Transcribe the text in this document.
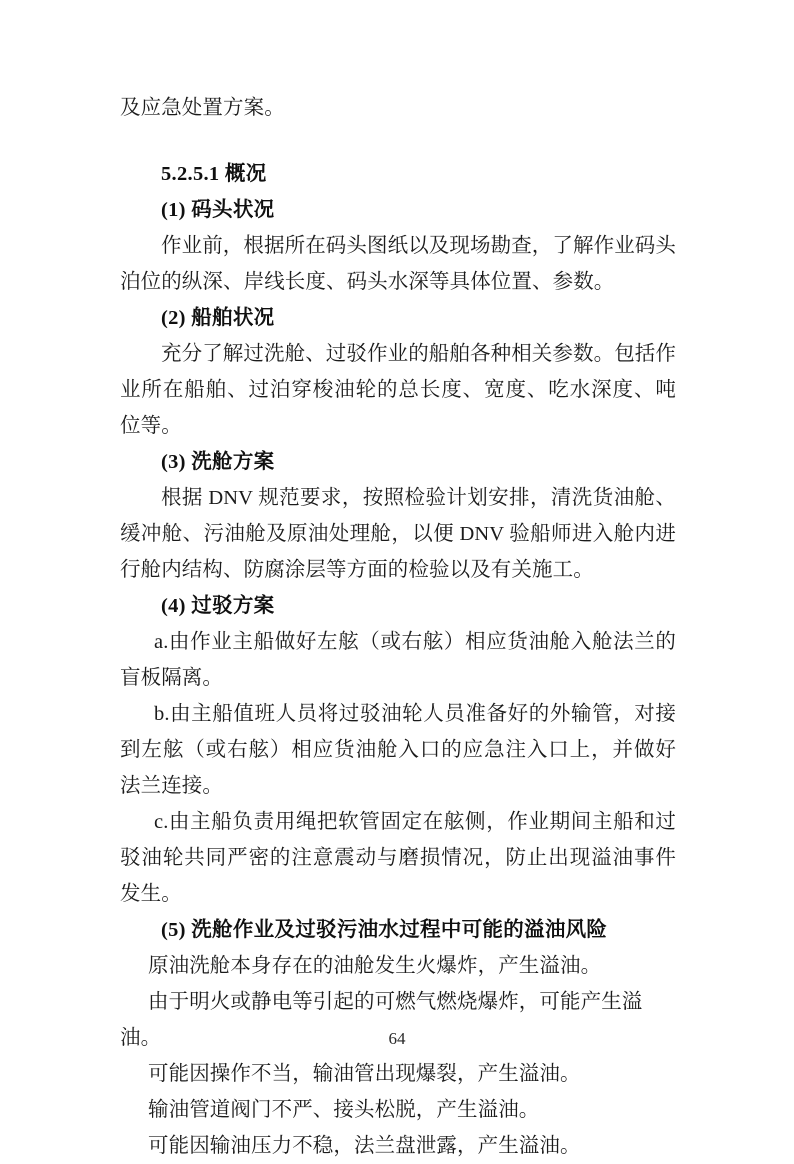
及应急处置方案。

5.2.5.1 概况

(1) 码头状况

作业前，根据所在码头图纸以及现场勘查，了解作业码头泊位的纵深、岸线长度、码头水深等具体位置、参数。

(2) 船舶状况

充分了解过洗舱、过驳作业的船舶各种相关参数。包括作业所在船舶、过泊穿梭油轮的总长度、宽度、吃水深度、吨位等。

(3) 洗舱方案

根据 DNV 规范要求，按照检验计划安排，清洗货油舱、缓冲舱、污油舱及原油处理舱，以便 DNV 验船师进入舱内进行舱内结构、防腐涂层等方面的检验以及有关施工。

(4) 过驳方案

a.由作业主船做好左舷（或右舷）相应货油舱入舱法兰的盲板隔离。

b.由主船值班人员将过驳油轮人员准备好的外输管，对接到左舷（或右舷）相应货油舱入口的应急注入口上，并做好法兰连接。

c.由主船负责用绳把软管固定在舷侧，作业期间主船和过驳油轮共同严密的注意震动与磨损情况，防止出现溢油事件发生。

(5) 洗舱作业及过驳污油水过程中可能的溢油风险

原油洗舱本身存在的油舱发生火爆炸，产生溢油。

由于明火或静电等引起的可燃气燃烧爆炸，可能产生溢油。

可能因操作不当，输油管出现爆裂，产生溢油。

输油管道阀门不严、接头松脱，产生溢油。

可能因输油压力不稳，法兰盘泄露，产生溢油。

64
